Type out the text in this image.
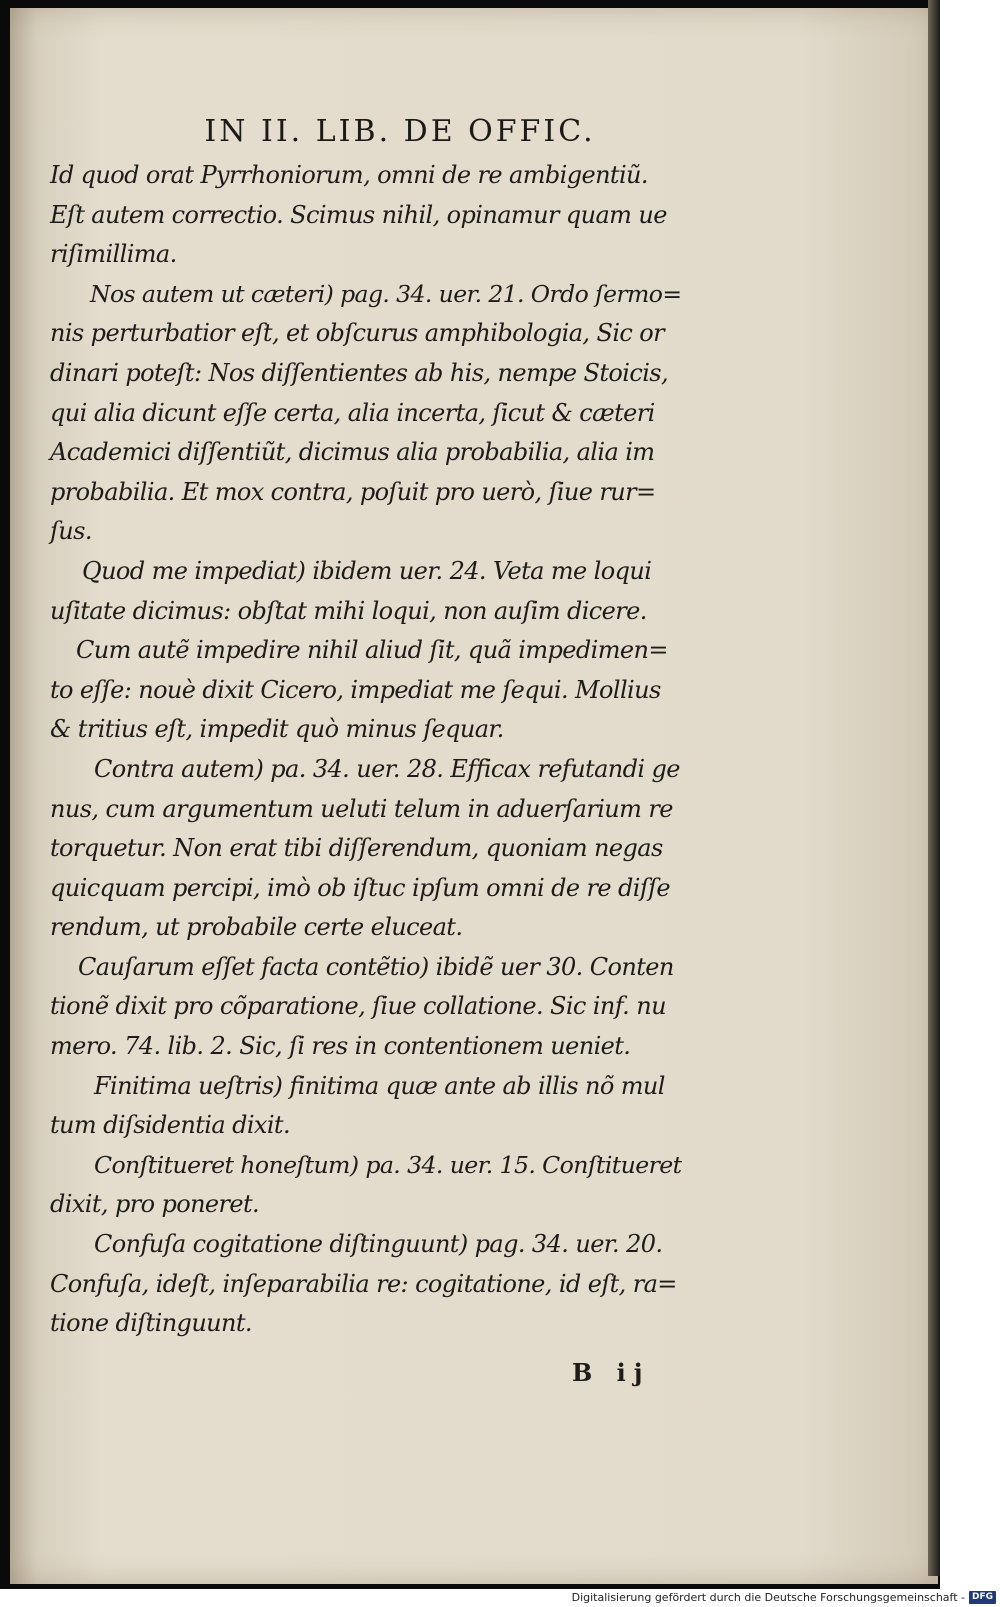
IN II. LIB. DE OFFIC.
Id quod orat Pyrrhoniorum, omni de re ambigentiũ.
Eſt autem correctio. Scimus nihil, opinamur quam ue
riſimillima.
Nos autem ut cæteri) pag. 34. uer. 21. Ordo ſermo=
nis perturbatior eſt, et obſcurus amphibologia, Sic or
dinari poteſt: Nos diſſentientes ab his, nempe Stoicis,
qui alia dicunt eſſe certa, alia incerta, ſicut & cæteri
Academici diſſentiũt, dicimus alia probabilia, alia im
probabilia. Et mox contra, poſuit pro uerò, ſiue rur=
ſus.
Quod me impediat) ibidem uer. 24. Veta me loqui
uſitate dicimus: obſtat mihi loqui, non auſim dicere.
Cum autẽ impedire nihil aliud ſit, quã impedimen=
to eſſe: nouè dixit Cicero, impediat me ſequi. Mollius
& tritius eſt, impedit quò minus ſequar.
Contra autem) pa. 34. uer. 28. Efficax refutandi ge
nus, cum argumentum ueluti telum in aduerſarium re
torquetur. Non erat tibi diſſerendum, quoniam negas
quicquam percipi, imò ob iſtuc ipſum omni de re diſſe
rendum, ut probabile certe eluceat.
Cauſarum eſſet facta contẽtio) ibidẽ uer 30. Conten
tionẽ dixit pro cõparatione, ſiue collatione. Sic inf. nu
mero. 74. lib. 2. Sic, ſi res in contentionem ueniet.
Finitima ueſtris) finitima quæ ante ab illis nõ mul
tum diſsidentia dixit.
Conſtitueret honeſtum) pa. 34. uer. 15. Conſtitueret
dixit, pro poneret.
Confuſa cogitatione diſtinguunt) pag. 34. uer. 20.
Confuſa, ideſt, inſeparabilia re: cogitatione, id eſt, ra=
tione diſtinguunt.
B ij
Digitalisierung gefördert durch die Deutsche Forschungsgemeinschaft - DFG
